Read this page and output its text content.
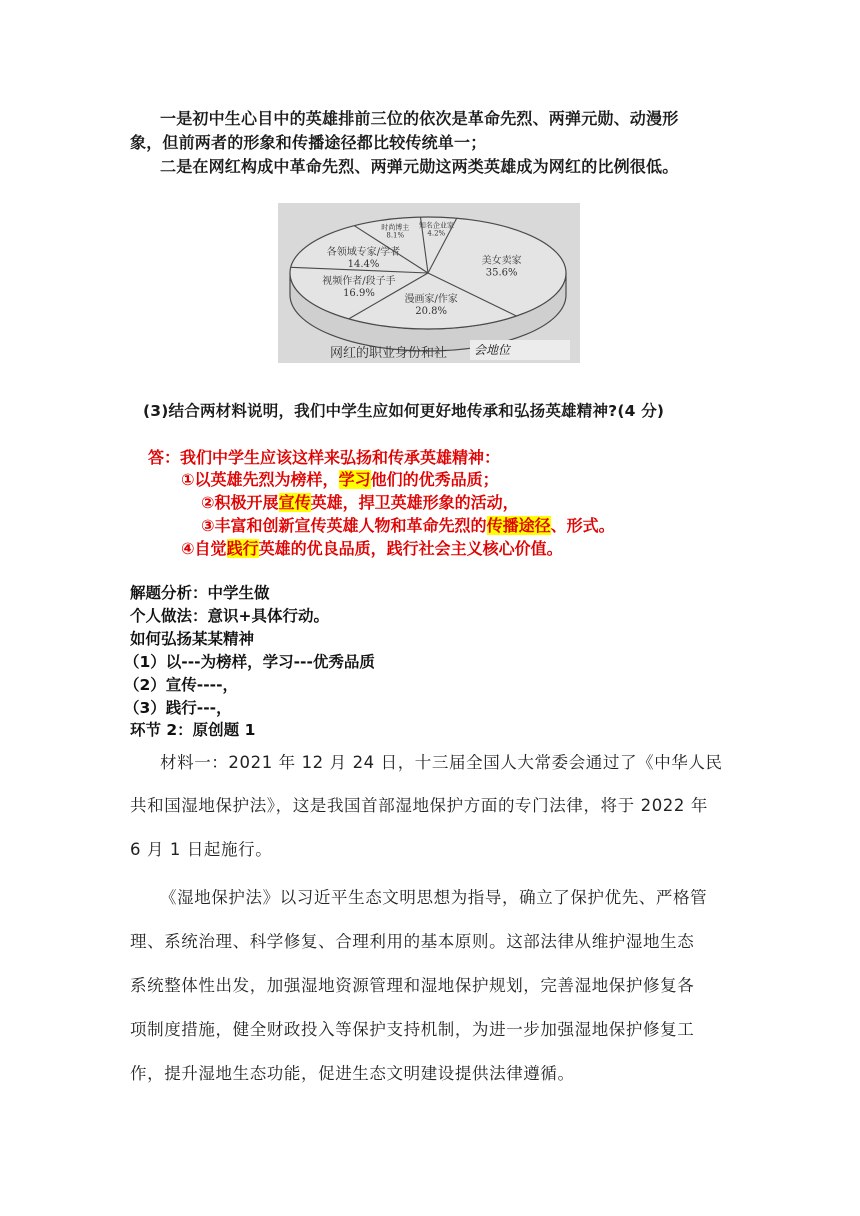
一是初中生心目中的英雄排前三位的依次是革命先烈、两弹元勋、动漫形
象，但前两者的形象和传播途径都比较传统单一；
二是在网红构成中革命先烈、两弹元勋这两类英雄成为网红的比例很低。
美女卖家
35.6%
漫画家/作家
20.8%
视频作者/段子手
16.9%
各领域专家/学者
14.4%
时尚博主
8.1%
知名企业家
4.2%
网红的职业身份和社 会地位
(3)结合两材料说明，我们中学生应如何更好地传承和弘扬英雄精神?(4 分)
答：我们中学生应该这样来弘扬和传承英雄精神：
①以英雄先烈为榜样，学习他们的优秀品质；
②积极开展宣传英雄，捍卫英雄形象的活动，
③丰富和创新宣传英雄人物和革命先烈的传播途径、形式。
④自觉践行英雄的优良品质，践行社会主义核心价值。
解题分析：中学生做
个人做法：意识+具体行动。
如何弘扬某某精神
（1）以---为榜样，学习---优秀品质
（2）宣传----，
（3）践行---，
环节 2：原创题 1
材料一：2021 年 12 月 24 日，十三届全国人大常委会通过了《中华人民
共和国湿地保护法》，这是我国首部湿地保护方面的专门法律，将于 2022 年
6 月 1 日起施行。
《湿地保护法》以习近平生态文明思想为指导，确立了保护优先、严格管
理、系统治理、科学修复、合理利用的基本原则。这部法律从维护湿地生态
系统整体性出发，加强湿地资源管理和湿地保护规划，完善湿地保护修复各
项制度措施，健全财政投入等保护支持机制，为进一步加强湿地保护修复工
作，提升湿地生态功能，促进生态文明建设提供法律遵循。
